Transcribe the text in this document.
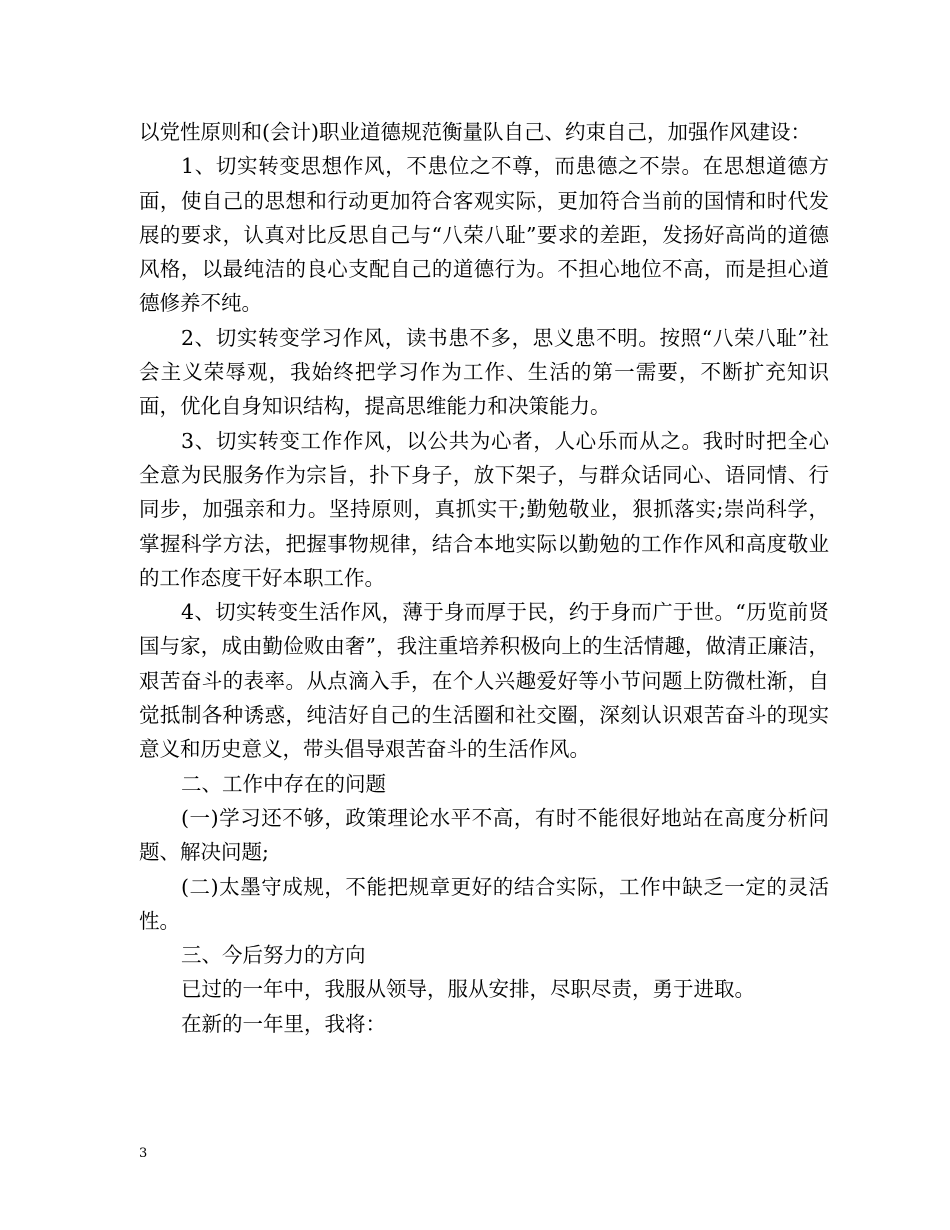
以党性原则和(会计)职业道德规范衡量队自己、约束自己，加强作风建设：

1、切实转变思想作风，不患位之不尊，而患德之不崇。在思想道德方面，使自己的思想和行动更加符合客观实际，更加符合当前的国情和时代发展的要求，认真对比反思自己与“八荣八耻”要求的差距，发扬好高尚的道德风格，以最纯洁的良心支配自己的道德行为。不担心地位不高，而是担心道德修养不纯。

2、切实转变学习作风，读书患不多，思义患不明。按照“八荣八耻”社会主义荣辱观，我始终把学习作为工作、生活的第一需要，不断扩充知识面，优化自身知识结构，提高思维能力和决策能力。

3、切实转变工作作风，以公共为心者，人心乐而从之。我时时把全心全意为民服务作为宗旨，扑下身子，放下架子，与群众话同心、语同情、行同步，加强亲和力。坚持原则，真抓实干;勤勉敬业，狠抓落实;崇尚科学，掌握科学方法，把握事物规律，结合本地实际以勤勉的工作作风和高度敬业的工作态度干好本职工作。

4、切实转变生活作风，薄于身而厚于民，约于身而广于世。“历览前贤国与家，成由勤俭败由奢”，我注重培养积极向上的生活情趣，做清正廉洁，艰苦奋斗的表率。从点滴入手，在个人兴趣爱好等小节问题上防微杜渐，自觉抵制各种诱惑，纯洁好自己的生活圈和社交圈，深刻认识艰苦奋斗的现实意义和历史意义，带头倡导艰苦奋斗的生活作风。

二、工作中存在的问题

(一)学习还不够，政策理论水平不高，有时不能很好地站在高度分析问题、解决问题;

(二)太墨守成规，不能把规章更好的结合实际，工作中缺乏一定的灵活性。

三、今后努力的方向

已过的一年中，我服从领导，服从安排，尽职尽责，勇于进取。

在新的一年里，我将：

3
